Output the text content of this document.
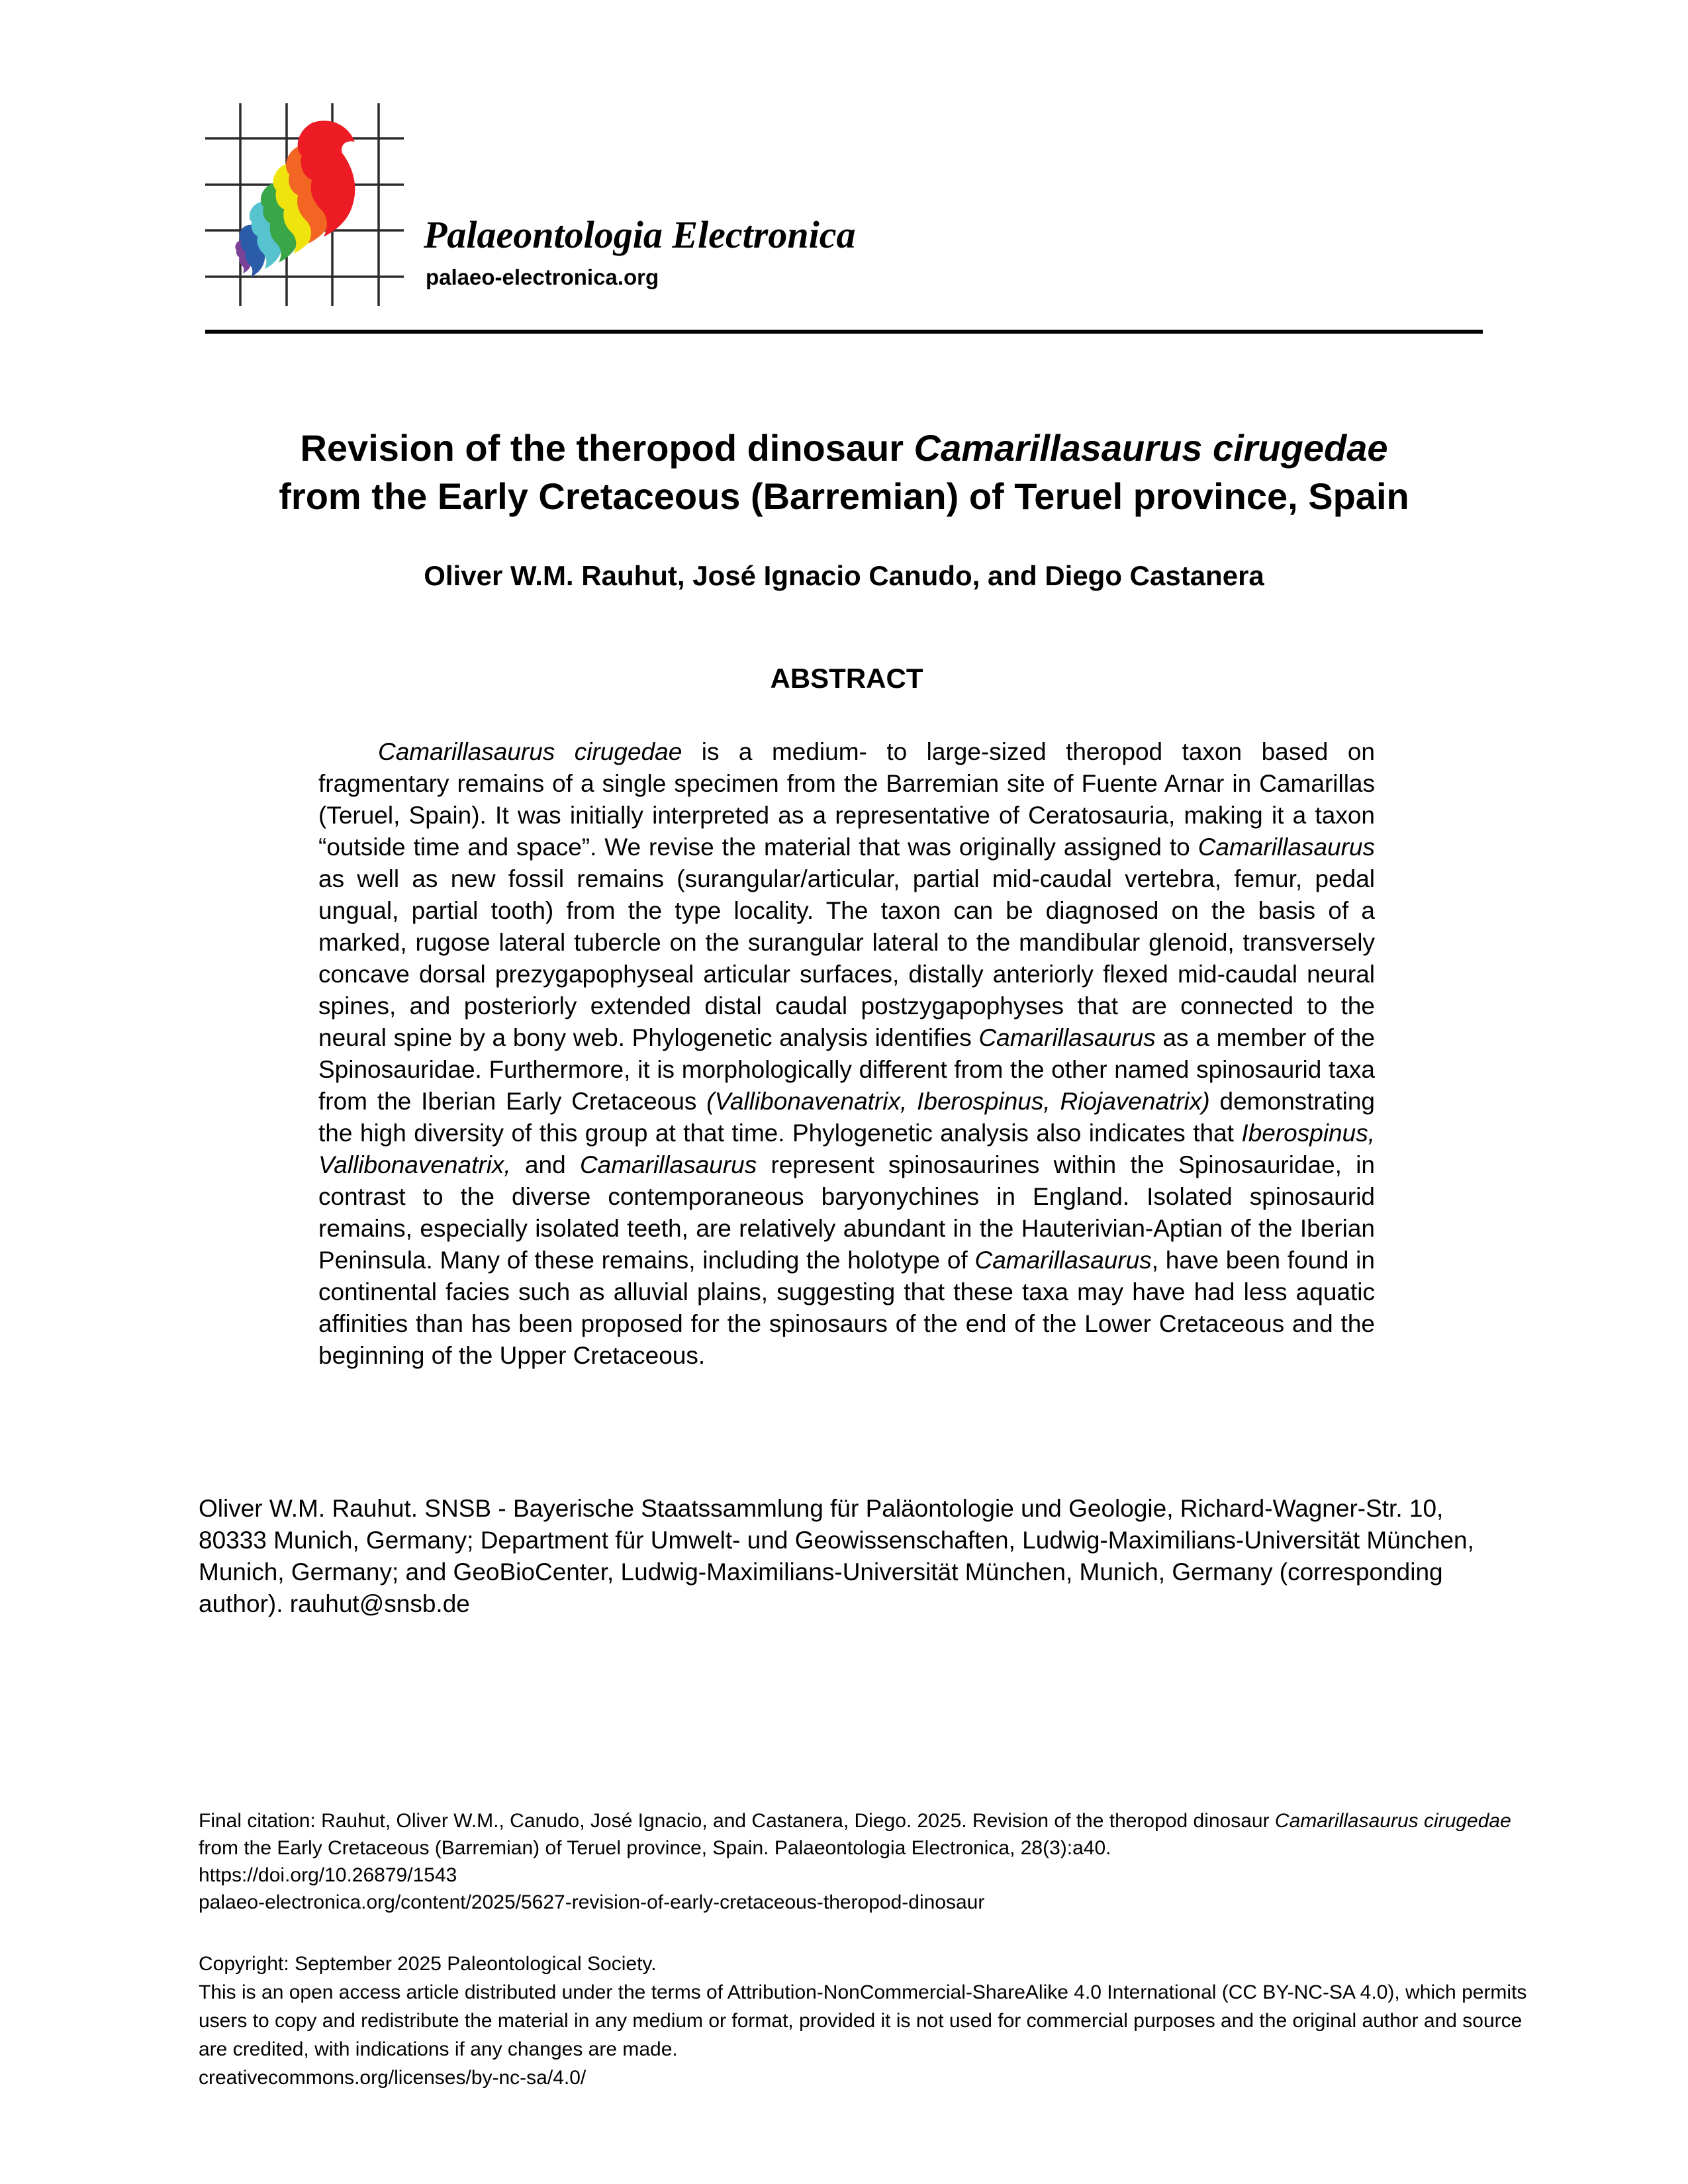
Palaeontologia Electronica
palaeo-electronica.org
Revision of the theropod dinosaur Camarillasaurus cirugedae
from the Early Cretaceous (Barremian) of Teruel province, Spain

Oliver W.M. Rauhut, José Ignacio Canudo, and Diego Castanera

ABSTRACT

Camarillasaurus cirugedae is a medium- to large-sized theropod taxon based on fragmentary remains of a single specimen from the Barremian site of Fuente Arnar in Camarillas (Teruel, Spain). It was initially interpreted as a representative of Ceratosauria, making it a taxon “outside time and space”. We revise the material that was originally assigned to Camarillasaurus as well as new fossil remains (surangular/articular, partial mid-caudal vertebra, femur, pedal ungual, partial tooth) from the type locality. The taxon can be diagnosed on the basis of a marked, rugose lateral tubercle on the surangular lateral to the mandibular glenoid, transversely concave dorsal prezygapophyseal articular surfaces, distally anteriorly flexed mid-caudal neural spines, and posteriorly extended distal caudal postzygapophyses that are connected to the neural spine by a bony web. Phylogenetic analysis identifies Camarillasaurus as a member of the Spinosauridae. Furthermore, it is morphologically different from the other named spinosaurid taxa from the Iberian Early Cretaceous (Vallibonavenatrix, Iberospinus, Riojavenatrix) demonstrating the high diversity of this group at that time. Phylogenetic analysis also indicates that Iberospinus, Vallibonavenatrix, and Camarillasaurus represent spinosaurines within the Spinosauridae, in contrast to the diverse contemporaneous baryonychines in England. Isolated spinosaurid remains, especially isolated teeth, are relatively abundant in the Hauterivian-Aptian of the Iberian Peninsula. Many of these remains, including the holotype of Camarillasaurus, have been found in continental facies such as alluvial plains, suggesting that these taxa may have had less aquatic affinities than has been proposed for the spinosaurs of the end of the Lower Cretaceous and the beginning of the Upper Cretaceous.

Oliver W.M. Rauhut. SNSB - Bayerische Staatssammlung für Paläontologie und Geologie, Richard-Wagner-Str. 10, 80333 Munich, Germany; Department für Umwelt- und Geowissenschaften, Ludwig-Maximilians-Universität München, Munich, Germany; and GeoBioCenter, Ludwig-Maximilians-Universität München, Munich, Germany (corresponding author). rauhut@snsb.de

Final citation: Rauhut, Oliver W.M., Canudo, José Ignacio, and Castanera, Diego. 2025. Revision of the theropod dinosaur Camarillasaurus cirugedae from the Early Cretaceous (Barremian) of Teruel province, Spain. Palaeontologia Electronica, 28(3):a40.

https://doi.org/10.26879/1543
palaeo-electronica.org/content/2025/5627-revision-of-early-cretaceous-theropod-dinosaur

Copyright: September 2025 Paleontological Society.

This is an open access article distributed under the terms of Attribution-NonCommercial-ShareAlike 4.0 International (CC BY-NC-SA 4.0), which permits users to copy and redistribute the material in any medium or format, provided it is not used for commercial purposes and the original author and source are credited, with indications if any changes are made.

creativecommons.org/licenses/by-nc-sa/4.0/
